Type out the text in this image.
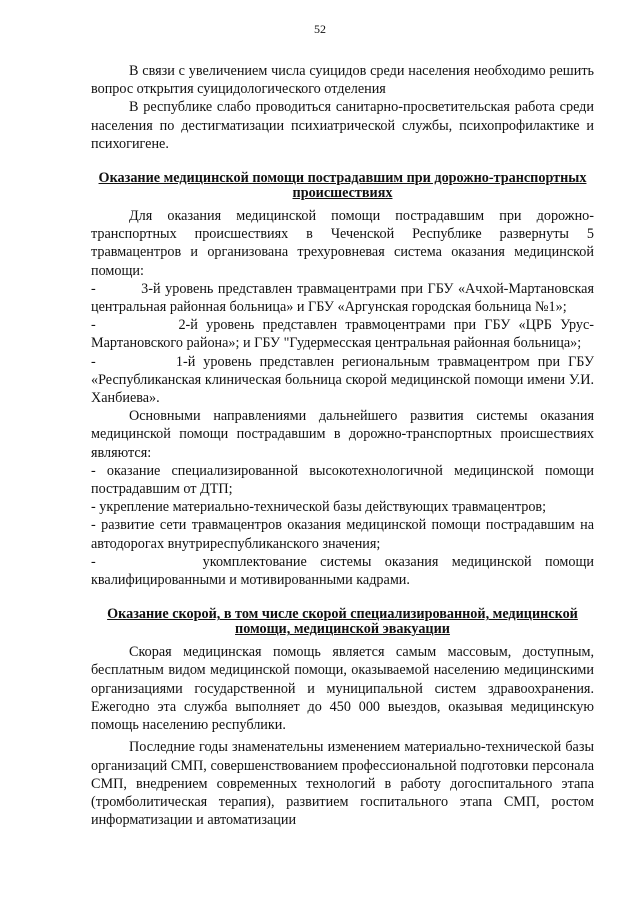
52

В связи с увеличением числа суицидов среди населения необходимо решить вопрос открытия суицидологического отделения

В республике слабо проводиться санитарно-просветительская работа среди населения по дестигматизации психиатрической службы, психопрофилактике и психогигене.

Оказание медицинской помощи пострадавшим при дорожно-транспортных происшествиях

Для оказания медицинской помощи пострадавшим при дорожно-транспортных происшествиях в Чеченской Республике развернуты 5 травмацентров и организована трехуровневая система оказания медицинской помощи:

-          3-й уровень представлен травмацентрами при ГБУ «Ачхой-Мартановская центральная районная больница» и ГБУ «Аргунская городская больница №1»;

-          2-й уровень представлен травмоцентрами при ГБУ «ЦРБ Урус-Мартановского района»; и ГБУ "Гудермесская центральная районная больница»;

-          1-й уровень представлен региональным травмацентром при ГБУ «Республиканская клиническая больница скорой медицинской помощи имени У.И. Ханбиева».

Основными направлениями дальнейшего развития системы оказания медицинской помощи пострадавшим в дорожно-транспортных происшествиях являются:

- оказание специализированной высокотехнологичной медицинской помощи пострадавшим от ДТП;

- укрепление материально-технической базы действующих травмацентров;

- развитие сети травмацентров оказания медицинской помощи пострадавшим на автодорогах внутриреспубликанского значения;

-        укомплектование системы оказания медицинской помощи квалифицированными и мотивированными кадрами.

Оказание скорой, в том числе скорой специализированной, медицинской помощи, медицинской эвакуации

Скорая медицинская помощь является самым массовым, доступным, бесплатным видом медицинской помощи, оказываемой населению медицинскими организациями государственной и муниципальной систем здравоохранения. Ежегодно эта служба выполняет до 450 000 выездов, оказывая медицинскую помощь населению республики.

Последние годы знаменательны изменением материально-технической базы организаций СМП, совершенствованием профессиональной подготовки персонала СМП, внедрением современных технологий в работу догоспитального этапа (тромболитическая терапия), развитием госпитального этапа СМП, ростом информатизации и автоматизации
